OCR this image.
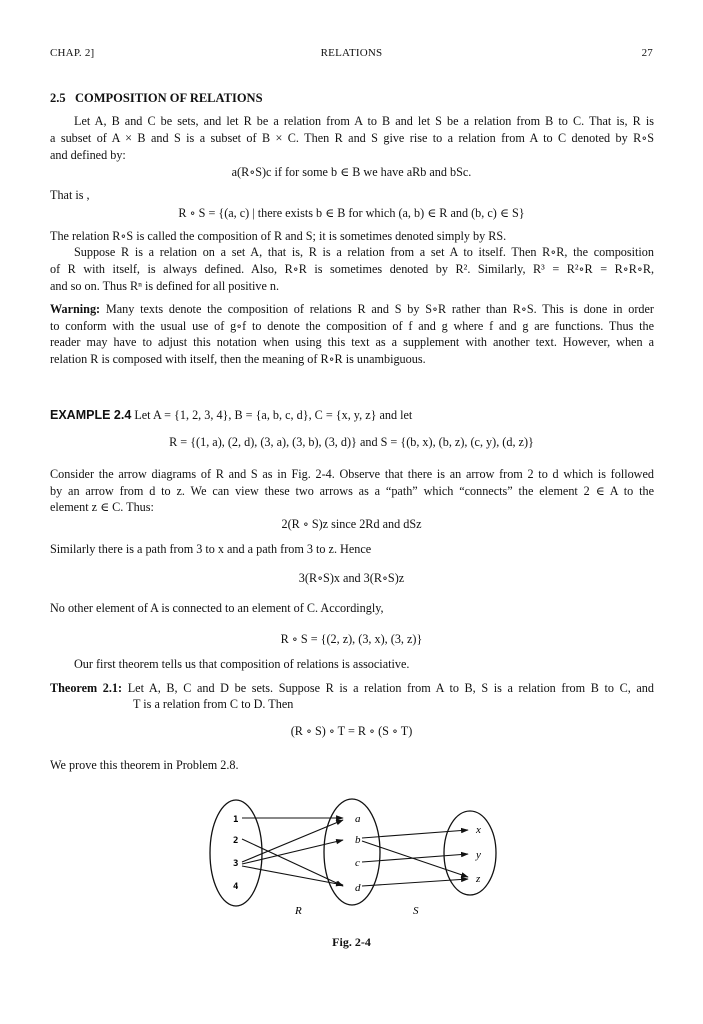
CHAP. 2]	RELATIONS	27
2.5 COMPOSITION OF RELATIONS
Let A, B and C be sets, and let R be a relation from A to B and let S be a relation from B to C. That is, R is
a subset of A × B and S is a subset of B × C. Then R and S give rise to a relation from A to C denoted by R∘S
and defined by:
a(R∘S)c if for some b ∈ B we have aRb and bSc.
That is ,
R ∘ S = {(a, c) | there exists b ∈ B for which (a, b) ∈ R and (b, c) ∈ S}
The relation R∘S is called the composition of R and S; it is sometimes denoted simply by RS.
Suppose R is a relation on a set A, that is, R is a relation from a set A to itself. Then R∘R, the composition
of R with itself, is always defined. Also, R∘R is sometimes denoted by R². Similarly, R³ = R²∘R = R∘R∘R,
and so on. Thus Rⁿ is defined for all positive n.
Warning: Many texts denote the composition of relations R and S by S∘R rather than R∘S. This is done in order
to conform with the usual use of g∘f to denote the composition of f and g where f and g are functions. Thus the
reader may have to adjust this notation when using this text as a supplement with another text. However, when a
relation R is composed with itself, then the meaning of R∘R is unambiguous.
EXAMPLE 2.4 Let A = {1, 2, 3, 4}, B = {a, b, c, d}, C = {x, y, z} and let
R = {(1, a), (2, d), (3, a), (3, b), (3, d)} and S = {(b, x), (b, z), (c, y), (d, z)}
Consider the arrow diagrams of R and S as in Fig. 2-4. Observe that there is an arrow from 2 to d which is followed
by an arrow from d to z. We can view these two arrows as a “path” which “connects” the element 2 ∈ A to the
element z ∈ C. Thus:
2(R ∘ S)z since 2Rd and dSz
Similarly there is a path from 3 to x and a path from 3 to z. Hence
3(R∘S)x and 3(R∘S)z
No other element of A is connected to an element of C. Accordingly,
R ∘ S = {(2, z), (3, x), (3, z)}
Our first theorem tells us that composition of relations is associative.
Theorem 2.1: Let A, B, C and D be sets. Suppose R is a relation from A to B, S is a relation from B to C, and
T is a relation from C to D. Then
(R ∘ S) ∘ T = R ∘ (S ∘ T)
We prove this theorem in Problem 2.8.
1
2
3
4
a
b
c
d
x
y
z
R	S
Fig. 2-4
